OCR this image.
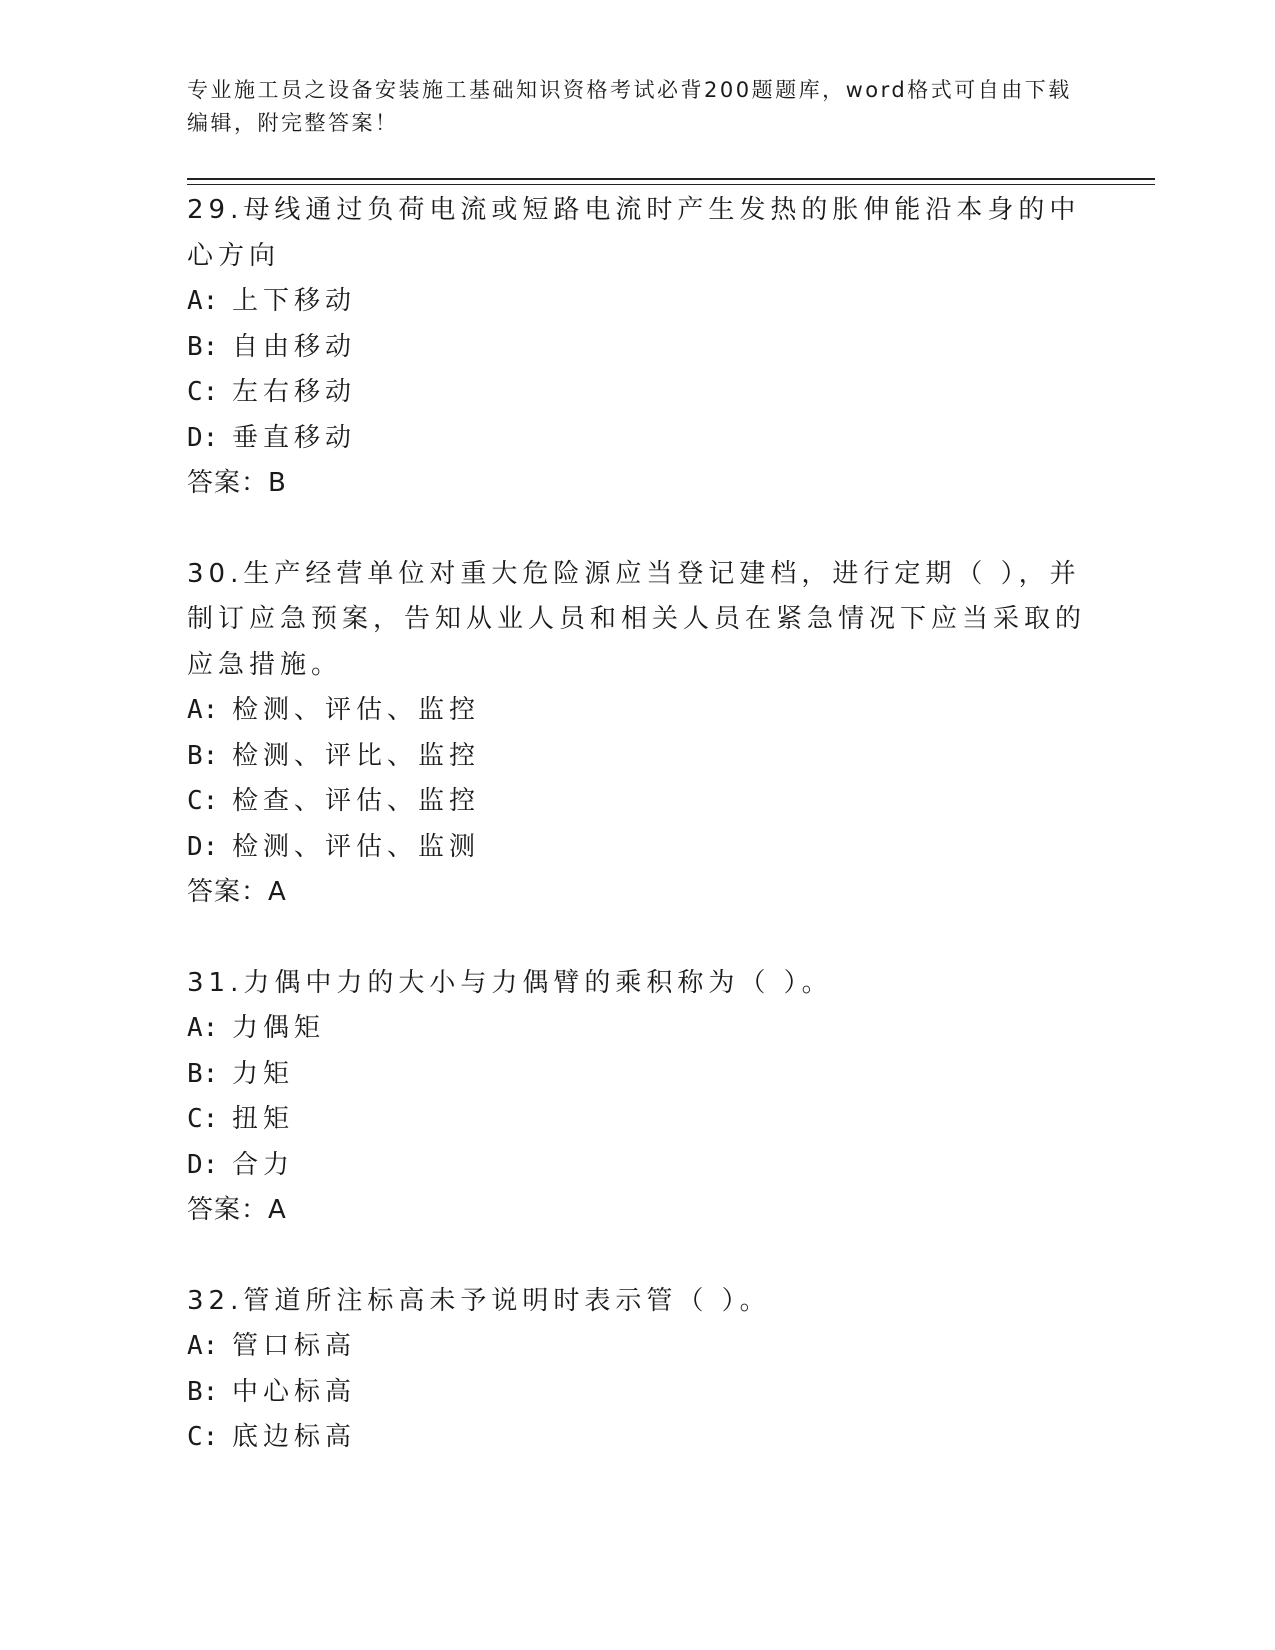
专业施工员之设备安装施工基础知识资格考试必背200题题库，word格式可自由下载编辑，附完整答案！
29.母线通过负荷电流或短路电流时产生发热的胀伸能沿本身的中心方向
A: 上下移动
B: 自由移动
C: 左右移动
D: 垂直移动
答案：B
30.生产经营单位对重大危险源应当登记建档，进行定期（ ），并制订应急预案，告知从业人员和相关人员在紧急情况下应当采取的应急措施。
A: 检测、评估、监控
B: 检测、评比、监控
C: 检查、评估、监控
D: 检测、评估、监测
答案：A
31.力偶中力的大小与力偶臂的乘积称为（ ）。
A: 力偶矩
B: 力矩
C: 扭矩
D: 合力
答案：A
32.管道所注标高未予说明时表示管（ ）。
A: 管口标高
B: 中心标高
C: 底边标高
